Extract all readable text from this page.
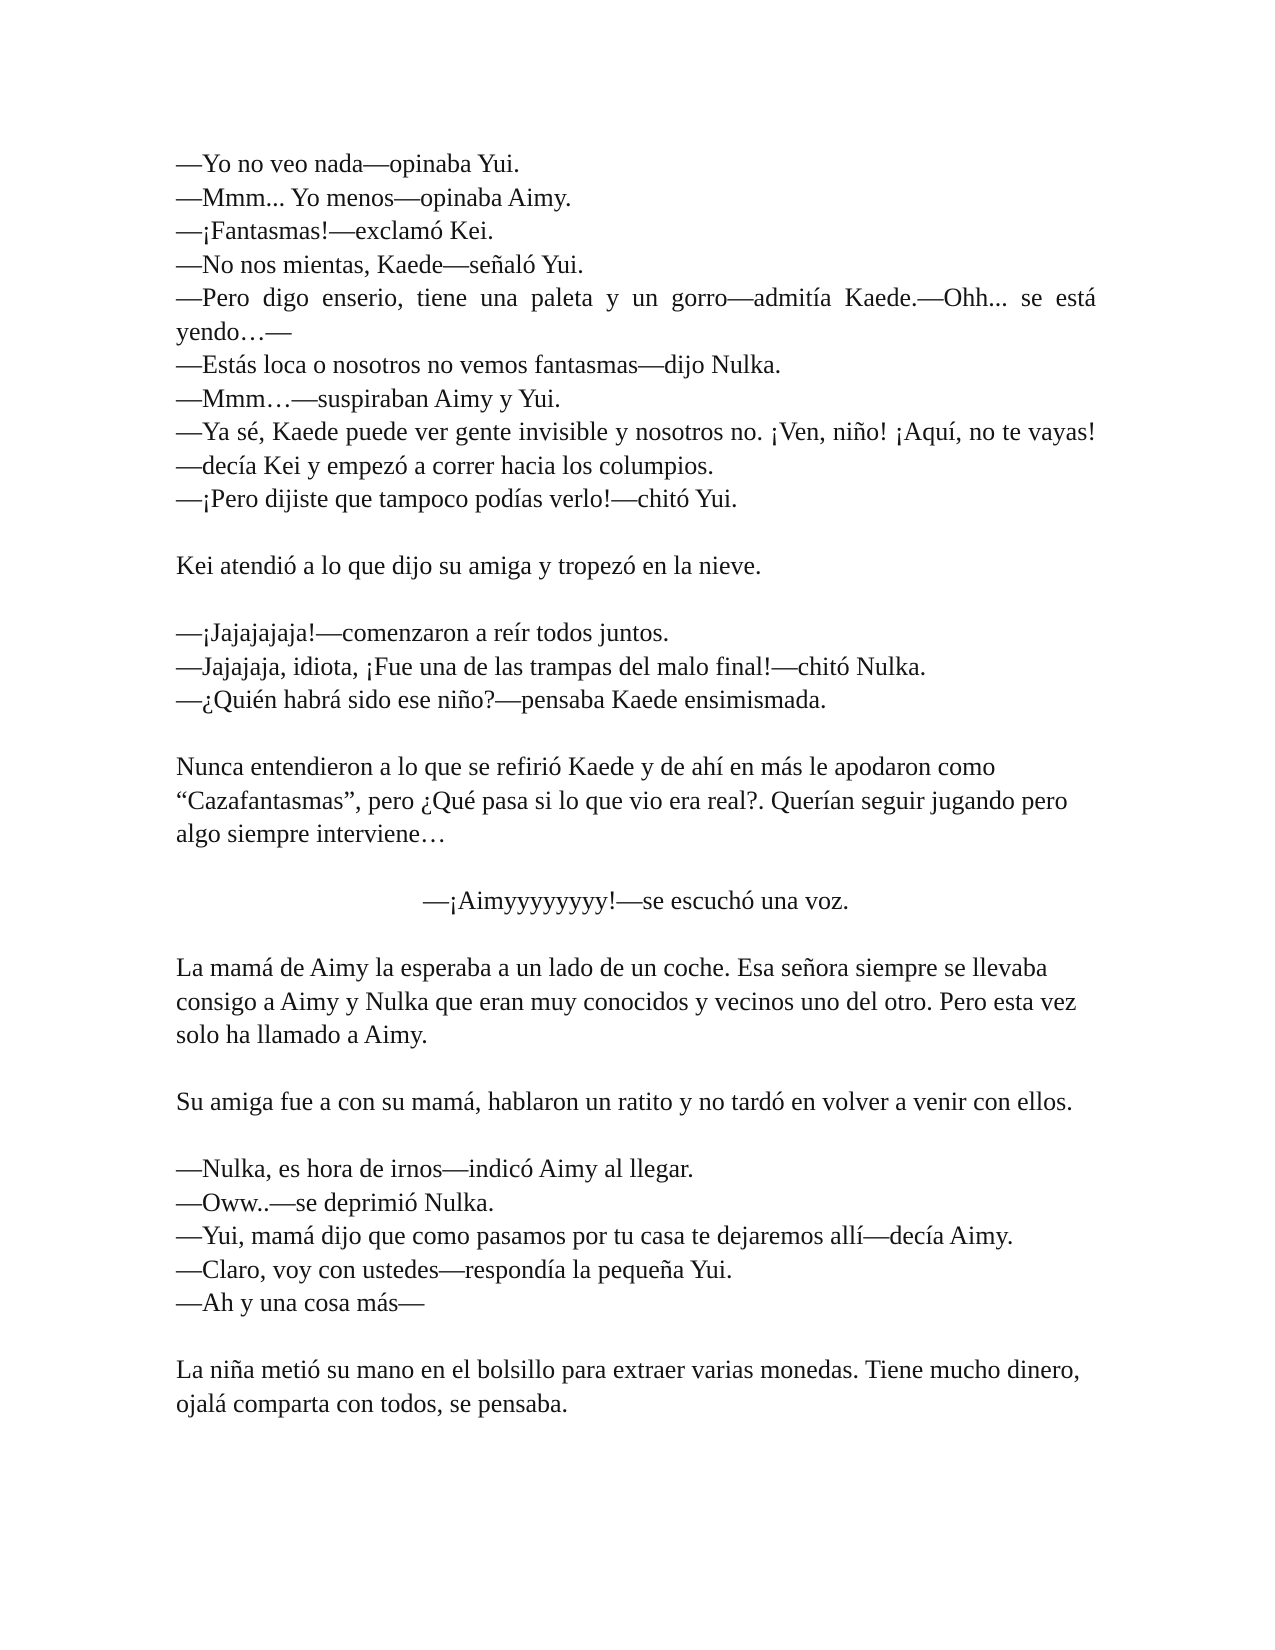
—Yo no veo nada—opinaba Yui.
—Mmm... Yo menos—opinaba Aimy.
—¡Fantasmas!—exclamó Kei.
—No nos mientas, Kaede—señaló Yui.

—Pero digo enserio, tiene una paleta y un gorro—admitía Kaede.—Ohh... se está yendo…—

—Estás loca o nosotros no vemos fantasmas—dijo Nulka.
—Mmm…—suspiraban Aimy y Yui.

—Ya sé, Kaede puede ver gente invisible y nosotros no. ¡Ven, niño! ¡Aquí, no te vayas!—decía Kei y empezó a correr hacia los columpios.

—¡Pero dijiste que tampoco podías verlo!—chitó Yui.

Kei atendió a lo que dijo su amiga y tropezó en la nieve.

—¡Jajajajaja!—comenzaron a reír todos juntos.
—Jajajaja, idiota, ¡Fue una de las trampas del malo final!—chitó Nulka.
—¿Quién habrá sido ese niño?—pensaba Kaede ensimismada.

Nunca entendieron a lo que se refirió Kaede y de ahí en más le apodaron como “Cazafantasmas”, pero ¿Qué pasa si lo que vio era real?. Querían seguir jugando pero algo siempre interviene…

—¡Aimyyyyyyyy!—se escuchó una voz.

La mamá de Aimy la esperaba a un lado de un coche. Esa señora siempre se llevaba consigo a Aimy y Nulka que eran muy conocidos y vecinos uno del otro. Pero esta vez solo ha llamado a Aimy.

Su amiga fue a con su mamá, hablaron un ratito y no tardó en volver a venir con ellos.

—Nulka, es hora de irnos—indicó Aimy al llegar.
—Oww..—se deprimió Nulka.

—Yui, mamá dijo que como pasamos por tu casa te dejaremos allí—decía Aimy.

—Claro, voy con ustedes—respondía la pequeña Yui.
—Ah y una cosa más—

La niña metió su mano en el bolsillo para extraer varias monedas. Tiene mucho dinero, ojalá comparta con todos, se pensaba.
